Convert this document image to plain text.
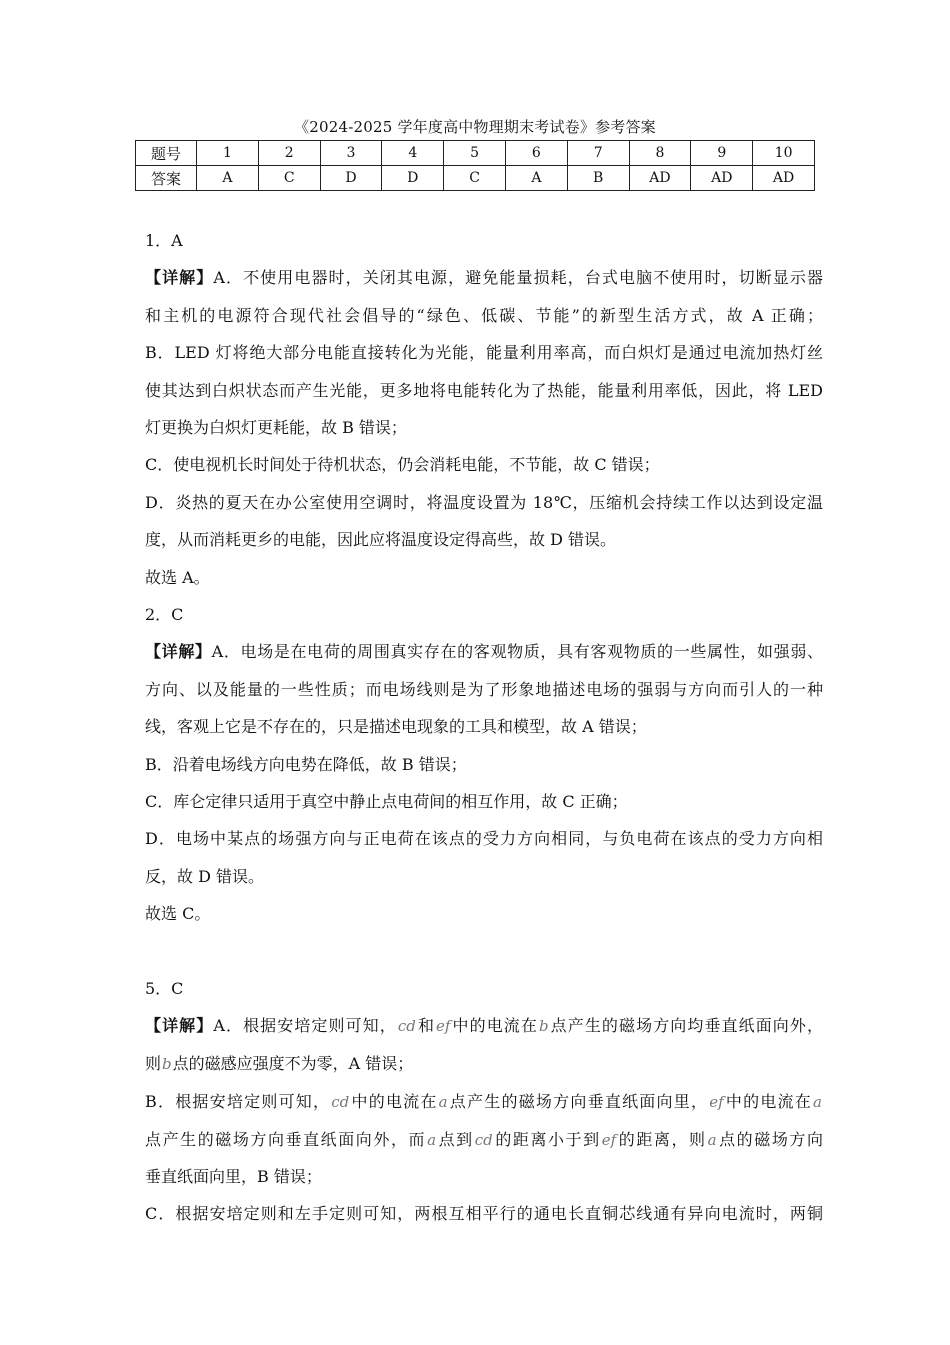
《2024-2025 学年度高中物理期末考试卷》参考答案
题号	1	2	3	4	5	6	7	8	9	10
答案	A	C	D	D	C	A	B	AD	AD	AD
1．A
【详解】A．不使用电器时，关闭其电源，避免能量损耗，台式电脑不使用时，切断显示器
和主机的电源符合现代社会倡导的“绿色、低碳、节能”的新型生活方式，故 A 正确；
B．LED 灯将绝大部分电能直接转化为光能，能量利用率高，而白炽灯是通过电流加热灯丝
使其达到白炽状态而产生光能，更多地将电能转化为了热能，能量利用率低，因此，将 LED
灯更换为白炽灯更耗能，故 B 错误；
C．使电视机长时间处于待机状态，仍会消耗电能，不节能，故 C 错误；
D．炎热的夏天在办公室使用空调时，将温度设置为 18℃，压缩机会持续工作以达到设定温
度，从而消耗更乡的电能，因此应将温度设定得高些，故 D 错误。
故选 A。
2．C
【详解】A．电场是在电荷的周围真实存在的客观物质，具有客观物质的一些属性，如强弱、
方向、以及能量的一些性质；而电场线则是为了形象地描述电场的强弱与方向而引人的一种
线，客观上它是不存在的，只是描述电现象的工具和模型，故 A 错误；
B．沿着电场线方向电势在降低，故 B 错误；
C．库仑定律只适用于真空中静止点电荷间的相互作用，故 C 正确；
D．电场中某点的场强方向与正电荷在该点的受力方向相同，与负电荷在该点的受力方向相
反，故 D 错误。
故选 C。
5．C
【详解】A．根据安培定则可知，cd和ef中的电流在b点产生的磁场方向均垂直纸面向外，
则b点的磁感应强度不为零，A 错误；
B．根据安培定则可知，cd中的电流在a点产生的磁场方向垂直纸面向里，ef中的电流在a
点产生的磁场方向垂直纸面向外，而a点到cd的距离小于到ef的距离，则a点的磁场方向
垂直纸面向里，B 错误；
C．根据安培定则和左手定则可知，两根互相平行的通电长直铜芯线通有异向电流时，两铜
